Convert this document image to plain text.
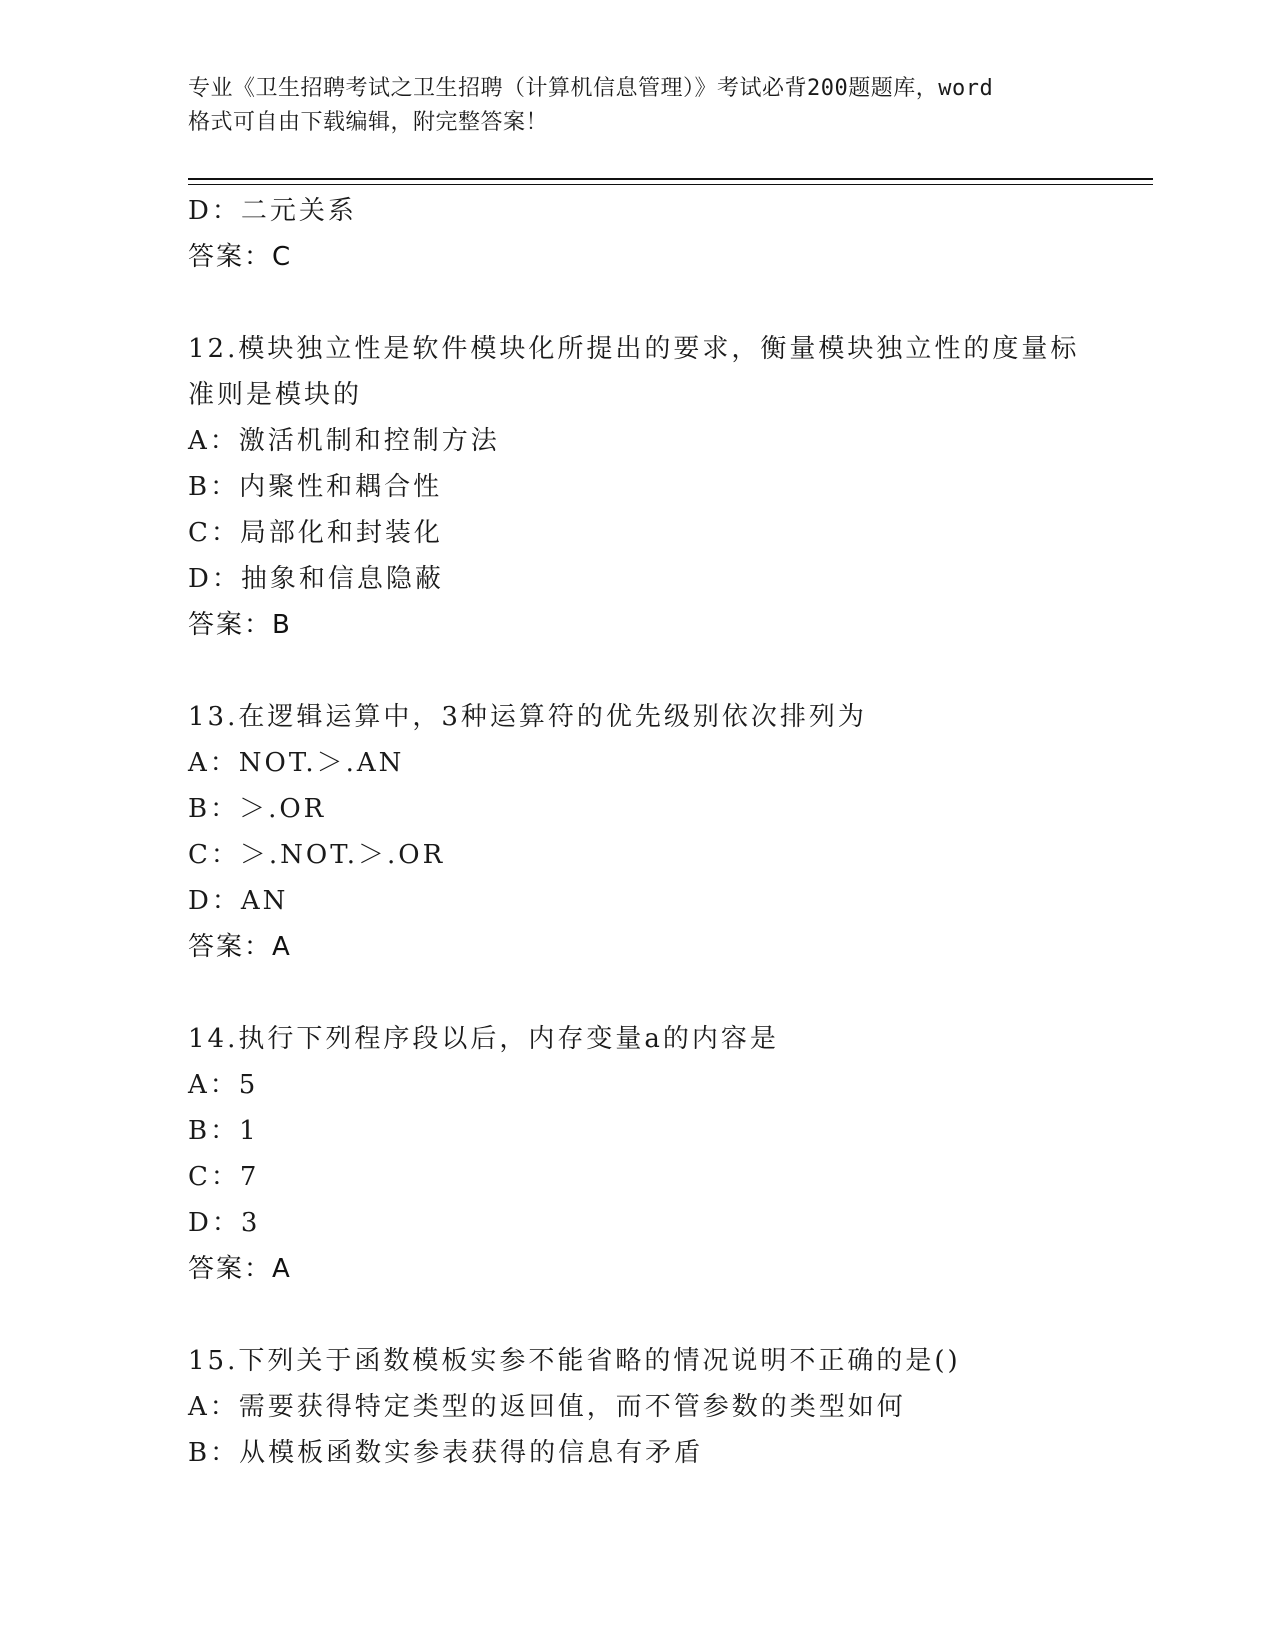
专业《卫生招聘考试之卫生招聘（计算机信息管理）》考试必背200题题库，word
格式可自由下载编辑，附完整答案！
D：二元关系
答案：C
12.模块独立性是软件模块化所提出的要求，衡量模块独立性的度量标
准则是模块的
A：激活机制和控制方法
B：内聚性和耦合性
C：局部化和封装化
D：抽象和信息隐蔽
答案：B
13.在逻辑运算中，3种运算符的优先级别依次排列为
A：NOT.＞.AN
B：＞.OR
C：＞.NOT.＞.OR
D：AN
答案：A
14.执行下列程序段以后，内存变量a的内容是
A：5
B：1
C：7
D：3
答案：A
15.下列关于函数模板实参不能省略的情况说明不正确的是()
A：需要获得特定类型的返回值，而不管参数的类型如何
B：从模板函数实参表获得的信息有矛盾
